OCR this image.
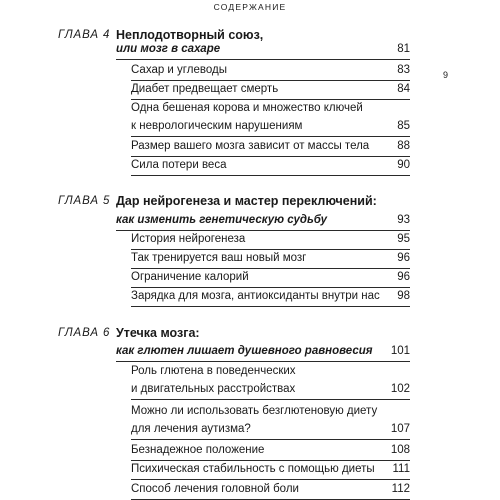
СОДЕРЖАНИЕ
9
ГЛАВА 4 Неплодотворный союз,
или мозг в сахаре	81
Сахар и углеводы	83
Диабет предвещает смерть	84
Одна бешеная корова и множество ключей
к неврологическим нарушениям	85
Размер вашего мозга зависит от массы тела	88
Сила потери веса	90
ГЛАВА 5 Дар нейрогенеза и мастер переключений:
как изменить генетическую судьбу	93
История нейрогенеза	95
Так тренируется ваш новый мозг	96
Ограничение калорий	96
Зарядка для мозга, антиоксиданты внутри нас	98
ГЛАВА 6 Утечка мозга:
как глютен лишает душевного равновесия	101
Роль глютена в поведенческих
и двигательных расстройствах	102
Можно ли использовать безглютеновую диету
для лечения аутизма?	107
Безнадежное положение	108
Психическая стабильность с помощью диеты	111
Способ лечения головной боли	112
